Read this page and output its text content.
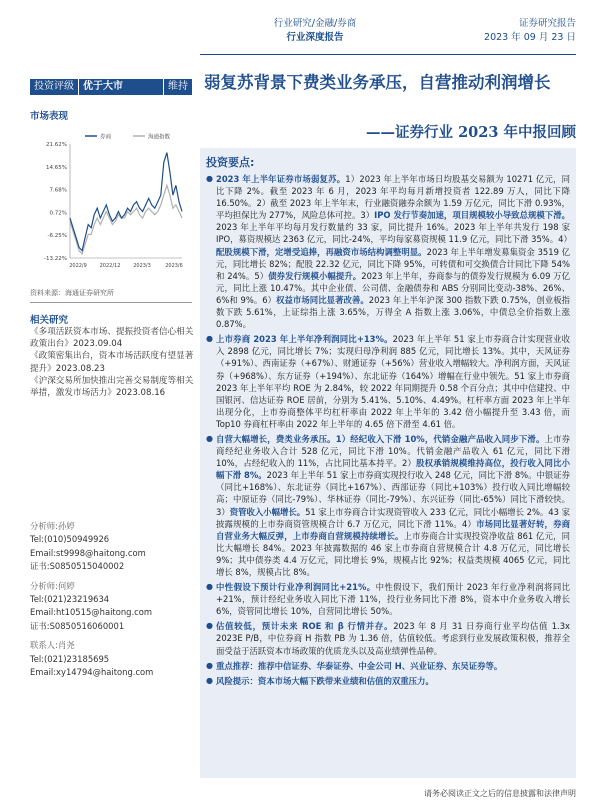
行业研究/金融/券商
行业深度报告
证券研究报告
2023 年 09 月 23 日
投资评级 优于大市	维持 弱复苏背景下费类业务承压，自营推动利润增长
——证券行业 2023 年中报回顾
市场表现
券商	海通指数
21.62%
14.65%
7.68%
0.72%
-6.25%
-13.22%
2022/9	2022/12	2023/3	2023/6
资料来源：海通证券研究所
相关研究
《多项活跃资本市场、提振投资者信心相关政策出台》2023.09.04
《政策密集出台，资本市场活跃度有望显著提升》2023.08.23
《沪深交易所加快推出完善交易制度等相关举措，激发市场活力》2023.08.16
分析师:孙婷
Tel:(010)50949926
Email:st9998@haitong.com
证书:S0850515040002
分析师:何婷
Tel:(021)23219634
Email:ht10515@haitong.com
证书:S0850516060001
联系人:肖尧
Tel:(021)23185695
Email:xy14794@haitong.com
投资要点:
● 2023 年上半年证券市场弱复苏。1）2023 年上半年市场日均股基交易额为 10271 亿元，同比下降 2%。截至 2023 年 6 月，2023 年平均每月新增投资者 122.89 万人，同比下降 16.50%。2）截至 2023 年上半年末，行业融资融券余额为 1.59 万亿元，同比下滑 0.93%，平均担保比为 277%，风险总体可控。3）IPO 发行节奏加速，项目规模较小导致总规模下滑。2023 年上半年平均每月发行数量约 33 家，同比提升 16%。2023 年上半年共发行 198 家 IPO，募资规模达 2363 亿元，同比-24%，平均每家募资规模 11.9 亿元，同比下滑 35%。4）配股规模下滑，定增受追捧，再融资市场结构调整明显。2023 年上半年增发募集资金 3519 亿元，同比增长 82%；配股 22.32 亿元，同比下降 95%，可转债和可交换债合计同比下降 54%和 24%。5）债券发行规模小幅提升。2023 年上半年，券商参与的债券发行规模为 6.09 万亿元，同比上涨 10.47%。其中企业债、公司债、金融债券和 ABS 分别同比变动-38%、26%、6%和 9%。6）权益市场同比显著改善。2023 年上半年沪深 300 指数下跌 0.75%，创业板指数下跌 5.61%，上证综指上涨 3.65%，万得全 A 指数上涨 3.06%，中债总全价指数上涨 0.87%。
● 上市券商 2023 年上半年净利润同比+13%。2023 年上半年 51 家上市券商合计实现营业收入 2898 亿元，同比增长 7%；实现归母净利润 885 亿元，同比增长 13%。其中，天风证券（+91%）、西南证券（+67%）、财通证券（+56%）营业收入增幅较大。净利润方面，天风证券（+968%）、东方证券（+194%）、东北证券（164%）增幅在行业中领先。51 家上市券商 2023 年上半年平均 ROE 为 2.84%，较 2022 年同期提升 0.58 个百分点；其中中信建投、中国银河、信达证券 ROE 居前，分别为 5.41%、5.10%、4.49%。杠杆率方面 2023 年上半年出现分化，上市券商整体平均杠杆率由 2022 年上半年的 3.42 倍小幅提升至 3.43 倍，而 Top10 券商杠杆率由 2022 年上半年的 4.65 倍下滑至 4.61 倍。
● 自营大幅增长，费类业务承压。1）经纪收入下滑 10%，代销金融产品收入同步下滑。上市券商经纪业务收入合计 528 亿元，同比下滑 10%。代销金融产品收入 61 亿元，同比下滑 10%，占经纪收入的 11%，占比同比基本持平。2）股权承销规模维持高位，投行收入同比小幅下滑 8%。2023 年上半年 51 家上市券商实现投行收入 248 亿元，同比下滑 8%。中银证券（同比+168%）、东北证券（同比+167%）、西部证券（同比+103%）投行收入同比增幅较高；中原证券（同比-79%）、华林证券（同比-79%）、东兴证券（同比-65%）同比下滑较快。3）资管收入小幅增长。51 家上市券商合计实现资管收入 233 亿元，同比小幅增长 2%。43 家披露规模的上市券商资管规模合计 6.7 万亿元，同比下滑 11%。4）市场同比显著好转，券商自营业务大幅反弹，上市券商自营规模持续增长。上市券商合计实现投资净收益 861 亿元，同比大幅增长 84%。2023 年披露数据的 46 家上市券商自营规模合计 4.8 万亿元，同比增长 9%；其中债券类 4.4 万亿元，同比增长 9%，规模占比 92%；权益类规模 4065 亿元，同比增长 8%，规模占比 8%。
● 中性假设下预计行业净利润同比+21%。中性假设下，我们预计 2023 年行业净利润将同比+21%，预计经纪业务收入同比下滑 11%，投行业务同比下滑 8%，资本中介业务收入增长 6%，资管同比增长 10%，自营同比增长 50%。
● 估值较低，预计未来 ROE 和 β 行情并存。2023 年 8 月 31 日券商行业平均估值 1.3x 2023E P/B，中位券商 H 指数 PB 为 1.36 倍，估值较低。考虑到行业发展政策积极，推荐全面受益于活跃资本市场政策的优质龙头以及高业绩弹性品种。
● 重点推荐：推荐中信证券、华泰证券、中金公司 H、兴业证券、东吴证券等。
● 风险提示：资本市场大幅下跌带来业绩和估值的双重压力。
请务必阅读正文之后的信息披露和法律声明
